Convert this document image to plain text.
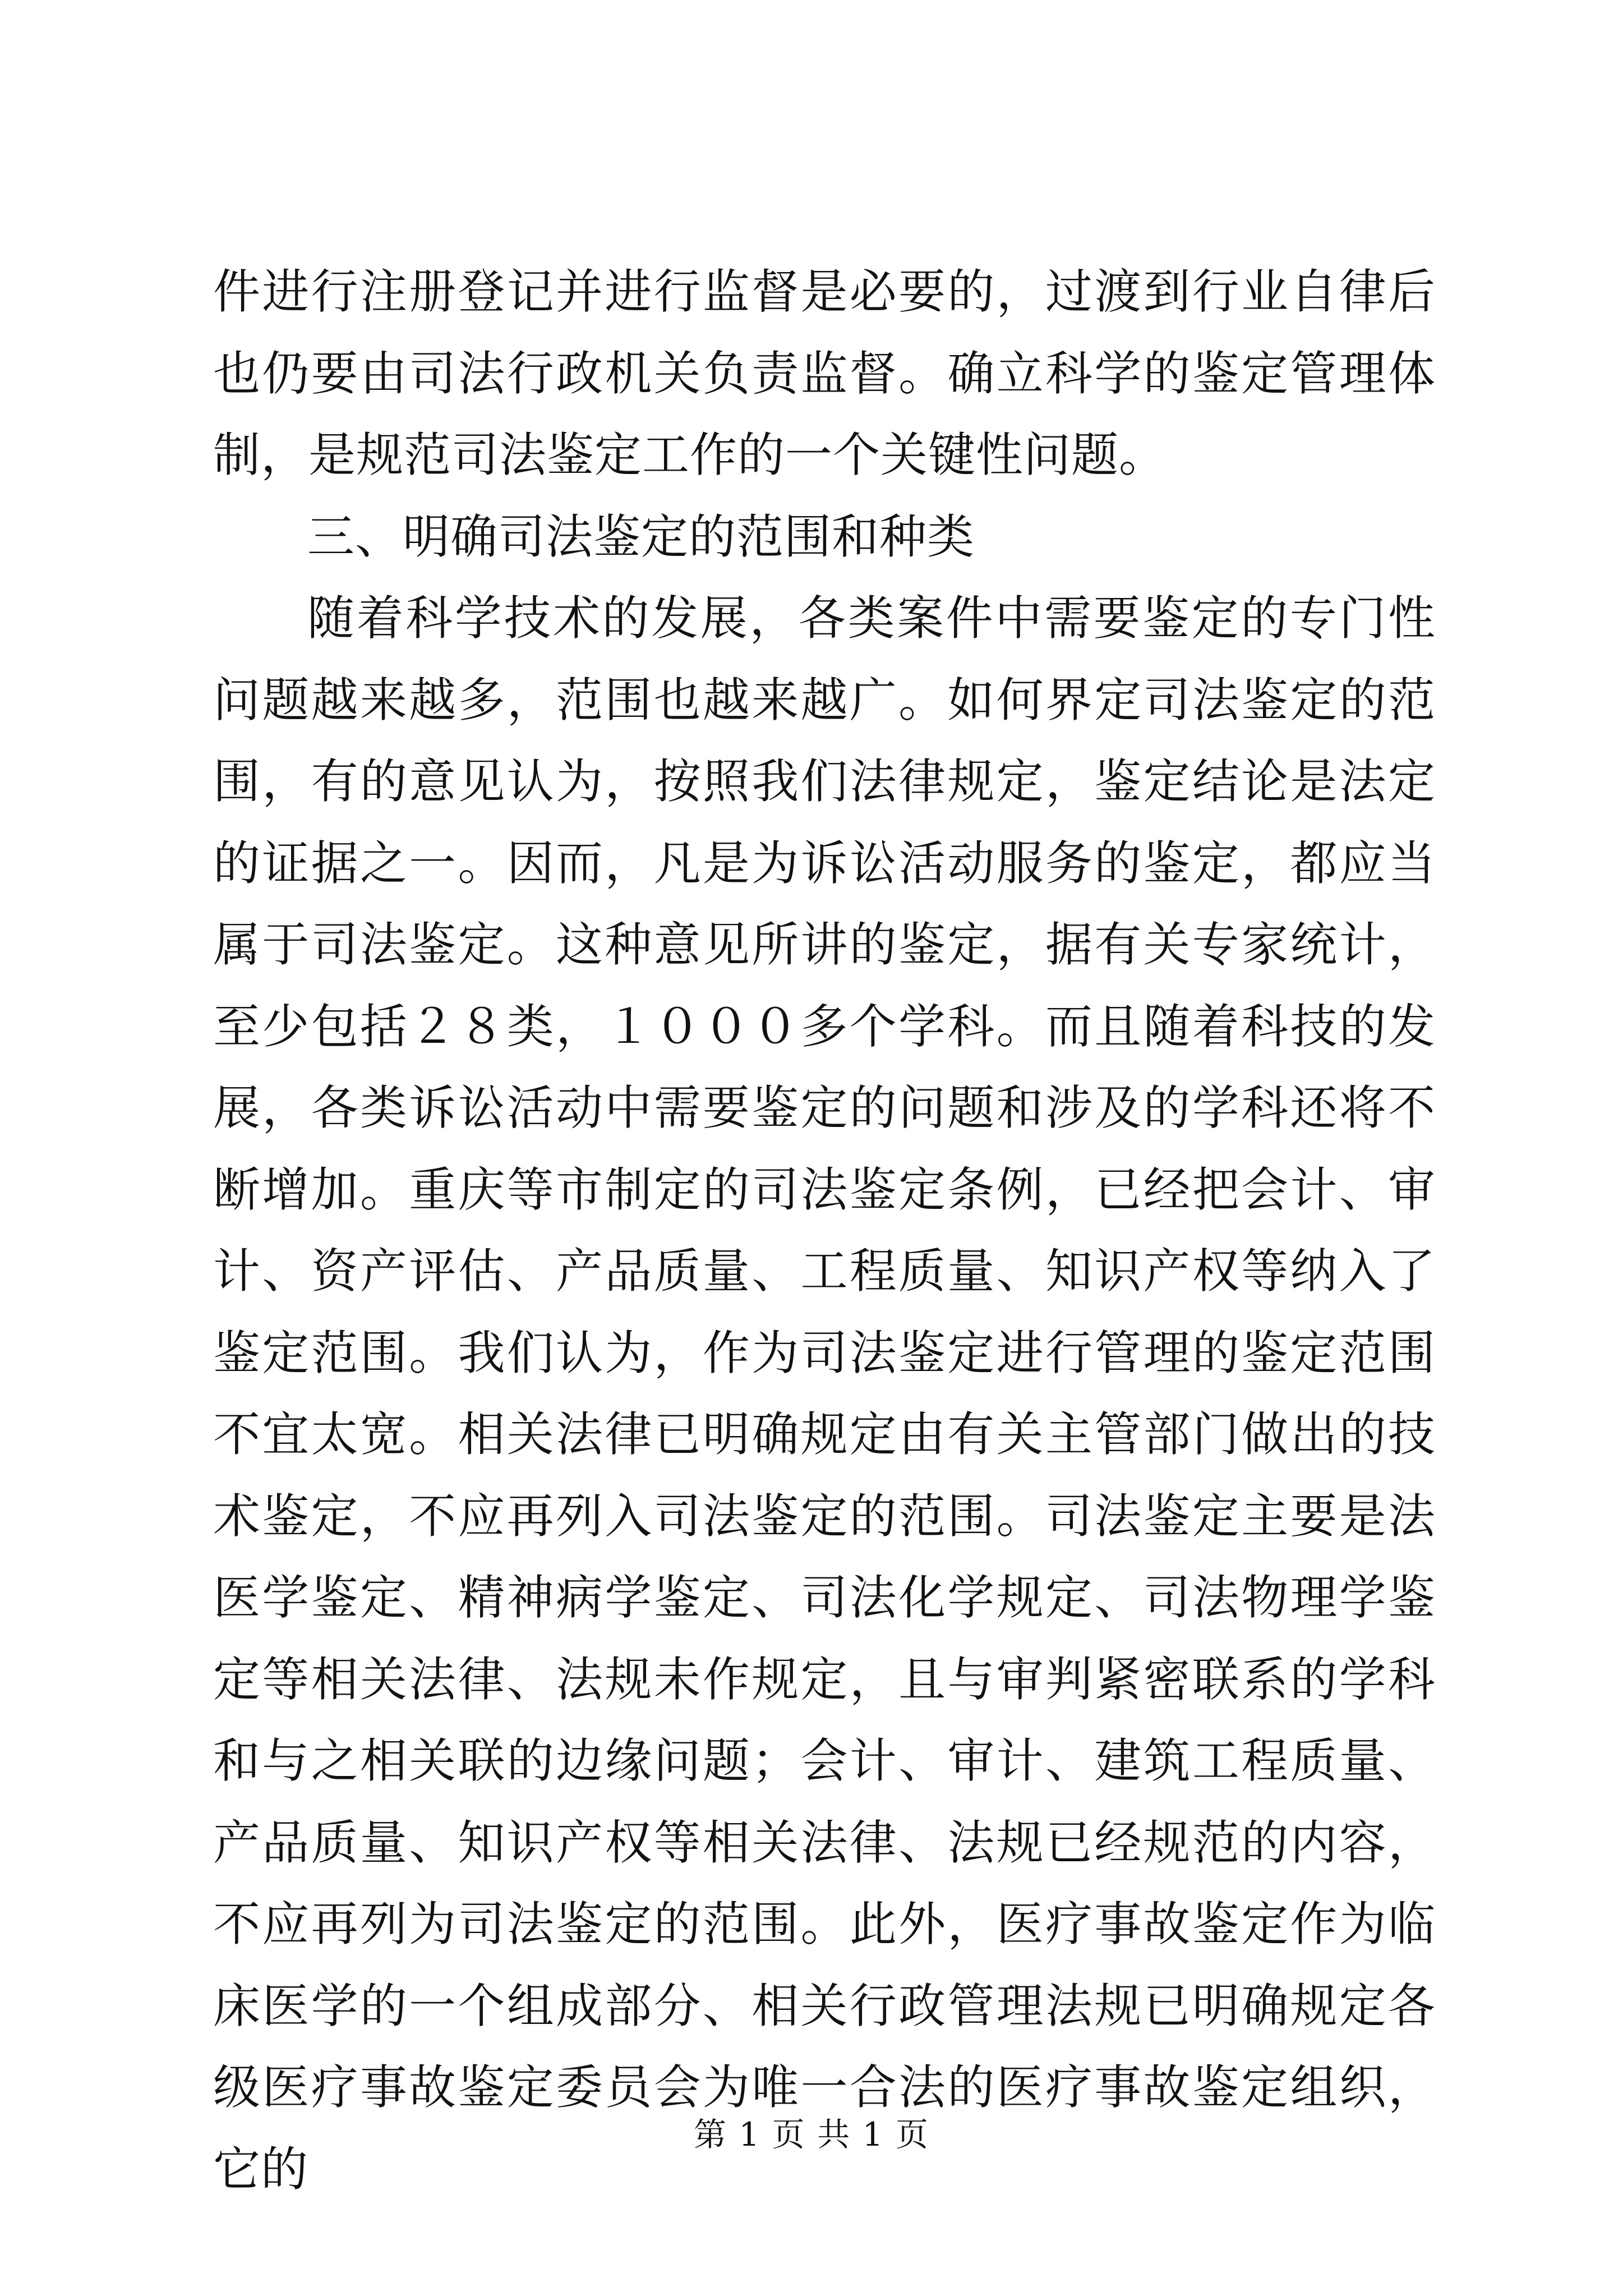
件进行注册登记并进行监督是必要的，过渡到行业自律后也仍要由司法行政机关负责监督。确立科学的鉴定管理体制，是规范司法鉴定工作的一个关键性问题。

三、明确司法鉴定的范围和种类

随着科学技术的发展，各类案件中需要鉴定的专门性问题越来越多，范围也越来越广。如何界定司法鉴定的范围，有的意见认为，按照我们法律规定，鉴定结论是法定的证据之一。因而，凡是为诉讼活动服务的鉴定，都应当属于司法鉴定。这种意见所讲的鉴定，据有关专家统计，至少包括２８类，１０００多个学科。而且随着科技的发展，各类诉讼活动中需要鉴定的问题和涉及的学科还将不断增加。重庆等市制定的司法鉴定条例，已经把会计、审计、资产评估、产品质量、工程质量、知识产权等纳入了鉴定范围。我们认为，作为司法鉴定进行管理的鉴定范围不宜太宽。相关法律已明确规定由有关主管部门做出的技术鉴定，不应再列入司法鉴定的范围。司法鉴定主要是法医学鉴定、精神病学鉴定、司法化学规定、司法物理学鉴定等相关法律、法规未作规定，且与审判紧密联系的学科和与之相关联的边缘问题；会计、审计、建筑工程质量、产品质量、知识产权等相关法律、法规已经规范的内容，不应再列为司法鉴定的范围。此外，医疗事故鉴定作为临床医学的一个组成部分、相关行政管理法规已明确规定各级医疗事故鉴定委员会为唯一合法的医疗事故鉴定组织，它的

第 1 页 共 1 页
